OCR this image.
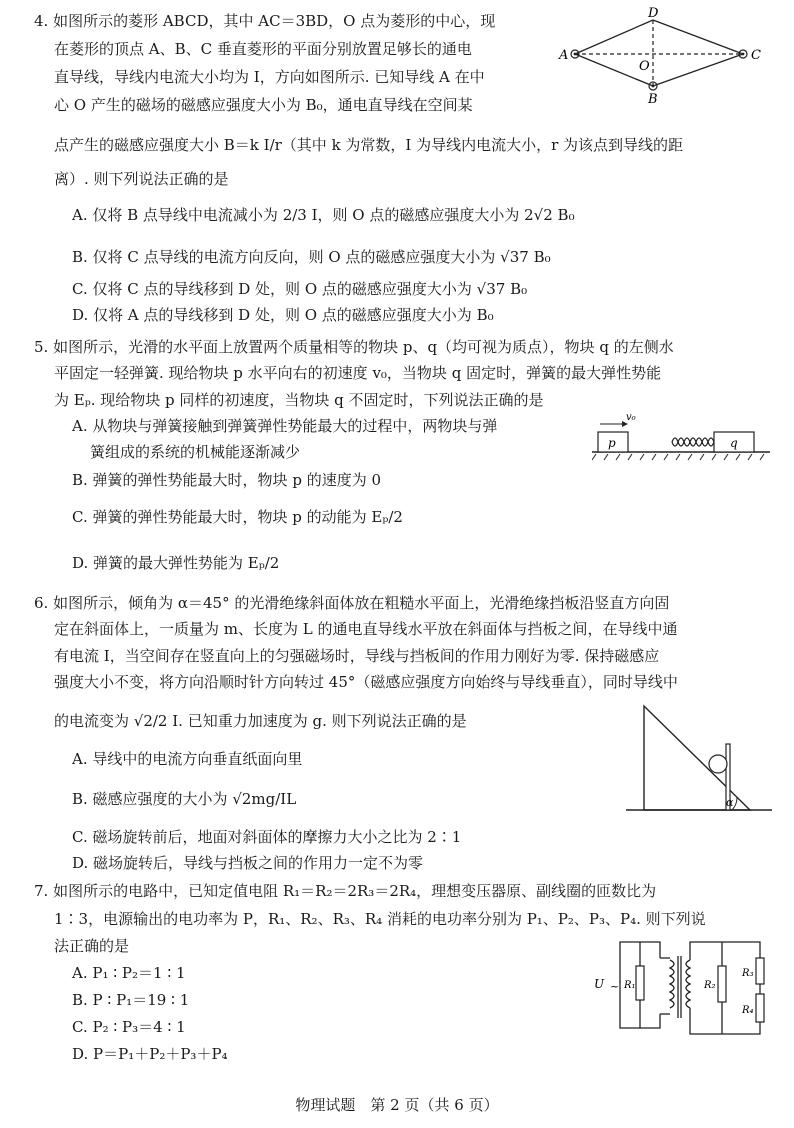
4. 如图所示的菱形 ABCD，其中 AC＝3BD，O 点为菱形的中心，现
在菱形的顶点 A、B、C 垂直菱形的平面分别放置足够长的通电
直导线，导线内电流大小均为 I，方向如图所示. 已知导线 A 在中
心 O 产生的磁场的磁感应强度大小为 B₀，通电直导线在空间某
点产生的磁感应强度大小 B＝k I/r（其中 k 为常数，I 为导线内电流大小，r 为该点到导线的距
离）. 则下列说法正确的是
A. 仅将 B 点导线中电流减小为 2/3 I，则 O 点的磁感应强度大小为 2√2 B₀
B. 仅将 C 点导线的电流方向反向，则 O 点的磁感应强度大小为 √37 B₀
C. 仅将 C 点的导线移到 D 处，则 O 点的磁感应强度大小为 √37 B₀
D. 仅将 A 点的导线移到 D 处，则 O 点的磁感应强度大小为 B₀
A	C
D
B
O
5. 如图所示，光滑的水平面上放置两个质量相等的物块 p、q（均可视为质点），物块 q 的左侧水
平固定一轻弹簧. 现给物块 p 水平向右的初速度 v₀，当物块 q 固定时，弹簧的最大弹性势能
为 Eₚ. 现给物块 p 同样的初速度，当物块 q 不固定时，下列说法正确的是
A. 从物块与弹簧接触到弹簧弹性势能最大的过程中，两物块与弹
簧组成的系统的机械能逐渐减少
B. 弹簧的弹性势能最大时，物块 p 的速度为 0
C. 弹簧的弹性势能最大时，物块 p 的动能为 Eₚ/2
D. 弹簧的最大弹性势能为 Eₚ/2
p
v₀
q
6. 如图所示，倾角为 α＝45° 的光滑绝缘斜面体放在粗糙水平面上，光滑绝缘挡板沿竖直方向固
定在斜面体上，一质量为 m、长度为 L 的通电直导线水平放在斜面体与挡板之间，在导线中通
有电流 I，当空间存在竖直向上的匀强磁场时，导线与挡板间的作用力刚好为零. 保持磁感应
强度大小不变，将方向沿顺时针方向转过 45°（磁感应强度方向始终与导线垂直），同时导线中
的电流变为 √2/2 I. 已知重力加速度为 g. 则下列说法正确的是
A. 导线中的电流方向垂直纸面向里
B. 磁感应强度的大小为 √2mg/IL
C. 磁场旋转前后，地面对斜面体的摩擦力大小之比为 2∶1
D. 磁场旋转后，导线与挡板之间的作用力一定不为零
α
7. 如图所示的电路中，已知定值电阻 R₁＝R₂＝2R₃＝2R₄，理想变压器原、副线圈的匝数比为
1∶3，电源输出的电功率为 P，R₁、R₂、R₃、R₄ 消耗的电功率分别为 P₁、P₂、P₃、P₄. 则下列说
法正确的是
A. P₁ ∶ P₂＝1 ∶ 1
B. P ∶ P₁＝19 ∶ 1
C. P₂ ∶ P₃＝4 ∶ 1
D. P＝P₁＋P₂＋P₃＋P₄
U ~ R₁	R₂
R₃
R₄
物理试题　第 2 页（共 6 页）
